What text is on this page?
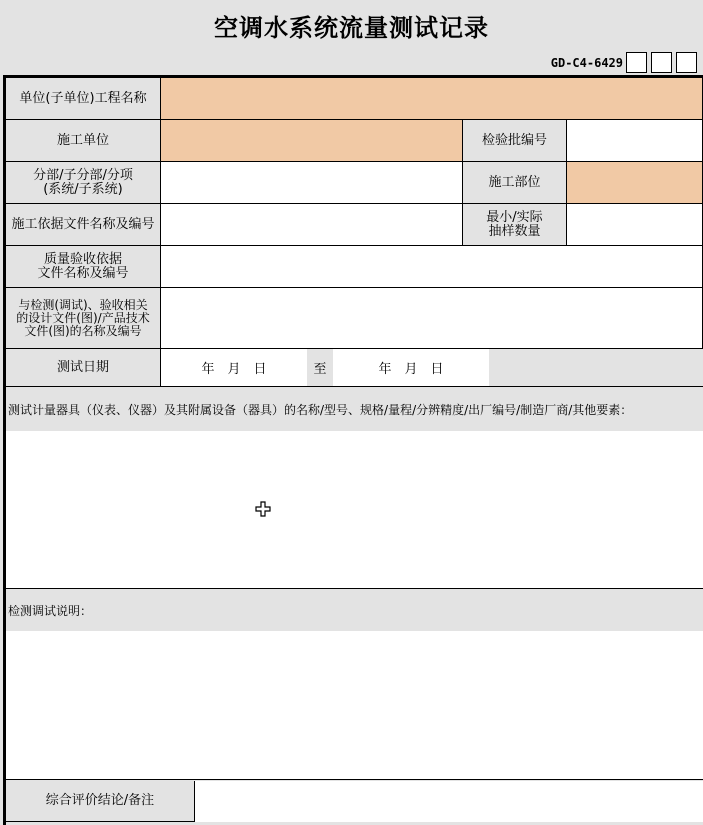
空调水系统流量测试记录
GD-C4-6429
单位(子单位)工程名称
施工单位	检验批编号
分部/子分部/分项
(系统/子系统)	施工部位
施工依据文件名称及编号	最小/实际
抽样数量
质量验收依据
文件名称及编号
与检测(调试)、验收相关
的设计文件(图)/产品技术
文件(图)的名称及编号
测试日期	年　月　日	至	年　月　日
测试计量器具（仪表、仪器）及其附属设备（器具）的名称/型号、规格/量程/分辨精度/出厂编号/制造厂商/其他要素：
检测调试说明：
综合评价结论/备注
